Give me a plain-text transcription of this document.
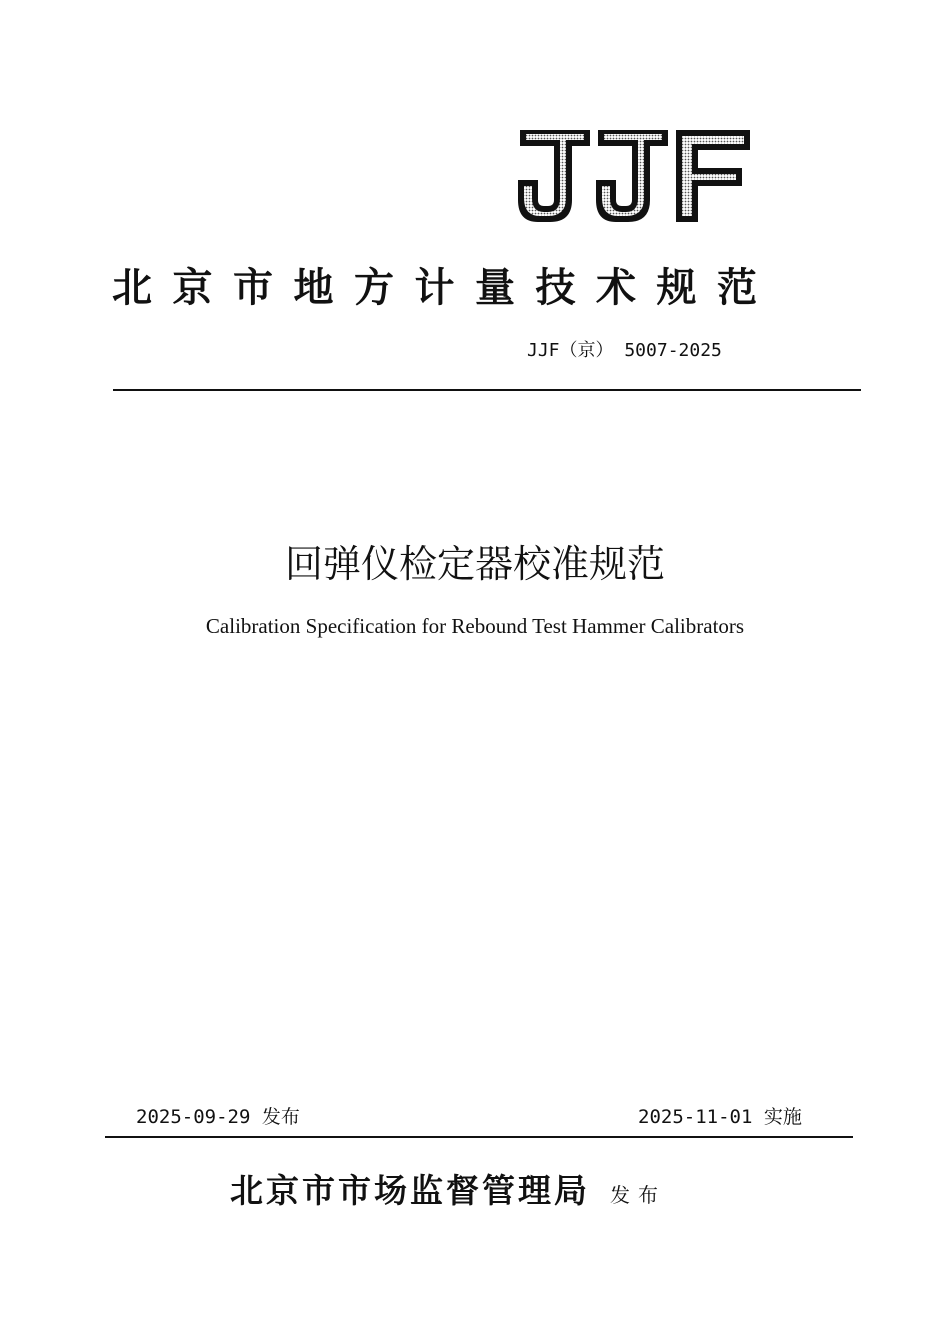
北京市地方计量技术规范
JJF（京） 5007-2025
回弹仪检定器校准规范
Calibration Specification for Rebound Test Hammer Calibrators
2025-09-29 发布	2025-11-01 实施
北京市市场监督管理局 发布
